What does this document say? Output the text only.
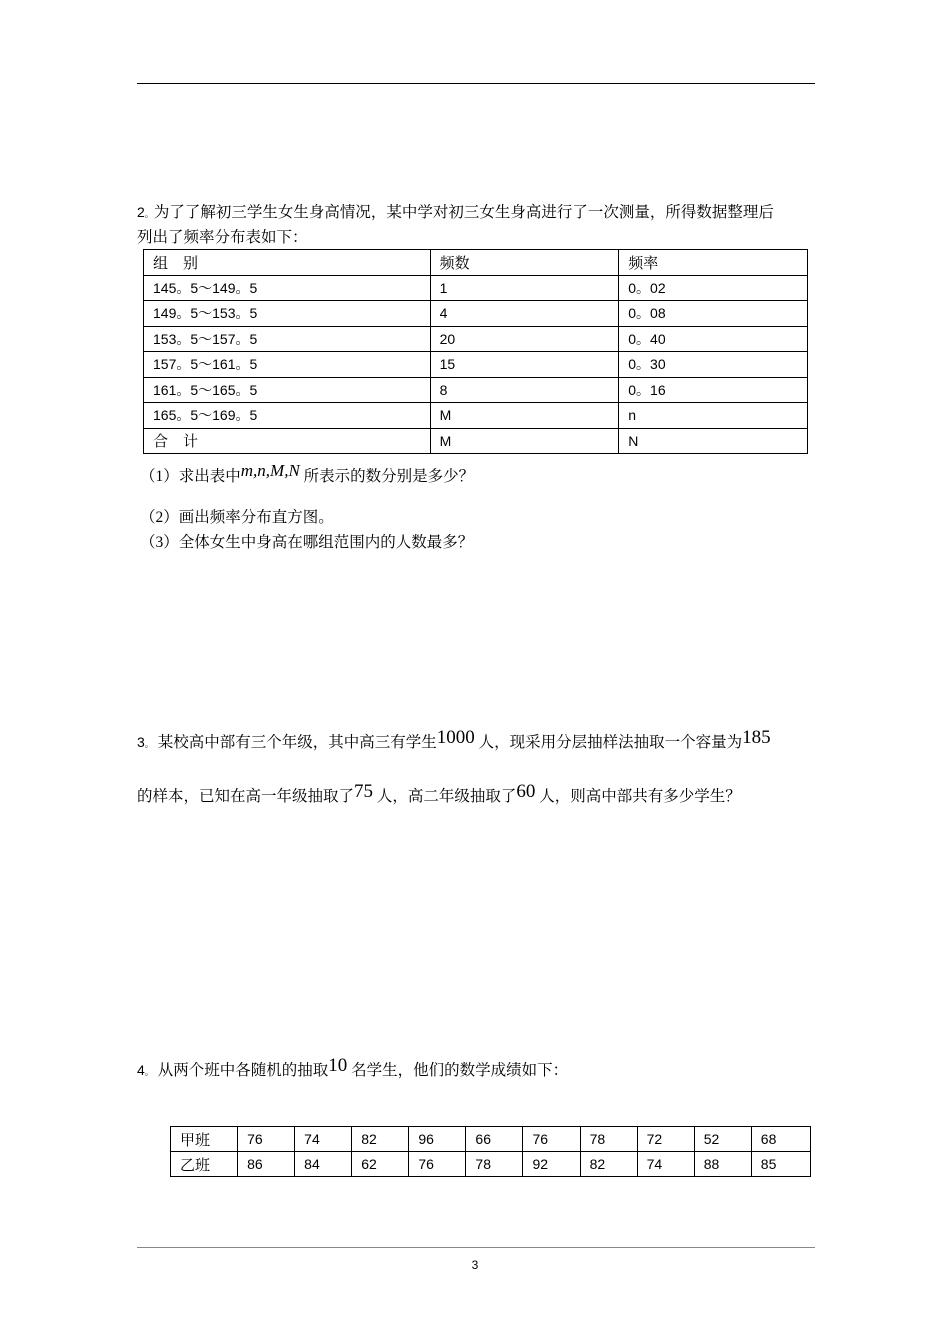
2。为了了解初三学生女生身高情况，某中学对初三女生身高进行了一次测量，所得数据整理后
列出了频率分布表如下：
组　别	频数	频率
145。5～149。5	1	0。02
149。5～153。5	4	0。08
153。5～157。5	20	0。40
157。5～161。5	15	0。30
161。5～165。5	8	0。16
165。5～169。5	M	n
合　计	M	N
（1）求出表中m,n,M,N 所表示的数分别是多少？
（2）画出频率分布直方图。
（3）全体女生中身高在哪组范围内的人数最多？
3。 某校高中部有三个年级，其中高三有学生1000 人，现采用分层抽样法抽取一个容量为185
的样本，已知在高一年级抽取了75 人，高二年级抽取了60 人，则高中部共有多少学生？
4。 从两个班中各随机的抽取10 名学生，他们的数学成绩如下：
甲班	76	74	82	96	66	76	78	72	52	68
乙班	86	84	62	76	78	92	82	74	88	85
3
